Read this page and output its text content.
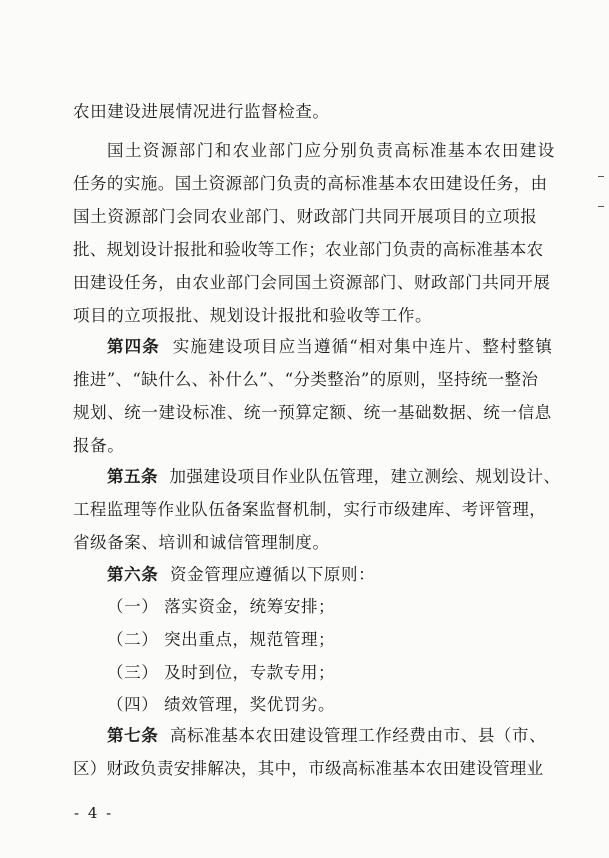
农田建设进展情况进行监督检查。
国土资源部门和农业部门应分别负责高标准基本农田建设
任务的实施。国土资源部门负责的高标准基本农田建设任务，由
国土资源部门会同农业部门、财政部门共同开展项目的立项报
批、规划设计报批和验收等工作；农业部门负责的高标准基本农
田建设任务，由农业部门会同国土资源部门、财政部门共同开展
项目的立项报批、规划设计报批和验收等工作。
第四条 实施建设项目应当遵循“相对集中连片、整村整镇
推进”、“缺什么、补什么”、“分类整治”的原则，坚持统一整治
规划、统一建设标准、统一预算定额、统一基础数据、统一信息
报备。
第五条 加强建设项目作业队伍管理，建立测绘、规划设计、
工程监理等作业队伍备案监督机制，实行市级建库、考评管理，
省级备案、培训和诚信管理制度。
第六条 资金管理应遵循以下原则：
（一） 落实资金，统筹安排；
（二） 突出重点，规范管理；
（三） 及时到位，专款专用；
（四） 绩效管理，奖优罚劣。
第七条 高标准基本农田建设管理工作经费由市、县（市、
区）财政负责安排解决，其中，市级高标准基本农田建设管理业
- 4 -
